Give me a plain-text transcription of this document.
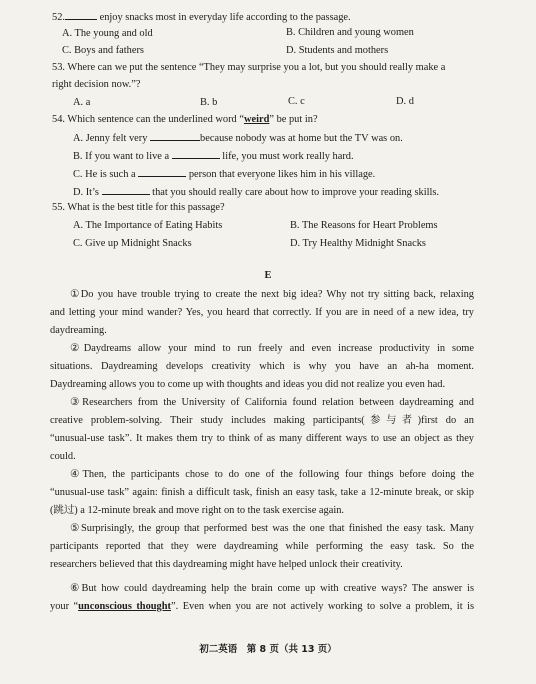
52.	enjoy snacks most in everyday life according to the passage.
A. The young and old	B. Children and young women
C. Boys and fathers	D. Students and mothers
53. Where can we put the sentence “They may surprise you a lot, but you should really make a
right decision now.”?
A. a	B. b	C. c	D. d
54. Which sentence can the underlined word “weird” be put in?
A. Jenny felt very	because nobody was at home but the TV was on.
B. If you want to live a	life, you must work really hard.
C. He is such a	person that everyone likes him in his village.
D. It’s	that you should really care about how to improve your reading skills.
55. What is the best title for this passage?
A. The Importance of Eating Habits	B. The Reasons for Heart Problems
C. Give up Midnight Snacks	D. Try Healthy Midnight Snacks
E
①Do you have trouble trying to create the next big idea? Why not try sitting back, relaxing
and letting your mind wander? Yes, you heard that correctly. If you are in need of a new idea, try
daydreaming.
②Daydreams allow your mind to run freely and even increase productivity in some
situations. Daydreaming develops creativity which is why you have an ah-ha moment.
Daydreaming allows you to come up with thoughts and ideas you did not realize you even had.
③Researchers from the University of California found relation between daydreaming and
creative problem-solving. Their study includes making participants(参与者)first do an
“unusual-use task”. It makes them try to think of as many different ways to use an object as they
could.
④Then, the participants chose to do one of the following four things before doing the
“unusual-use task” again: finish a difficult task, finish an easy task, take a 12-minute break, or skip
(跳过) a 12-minute break and move right on to the task exercise again.
⑤Surprisingly, the group that performed best was the one that finished the easy task. Many
participants reported that they were daydreaming while performing the easy task. So the
researchers believed that this daydreaming might have helped unlock their creativity.
⑥But how could daydreaming help the brain come up with creative ways? The answer is
your “unconscious thought”. Even when you are not actively working to solve a problem, it is
初二英语　第 8 页（共 13 页）
